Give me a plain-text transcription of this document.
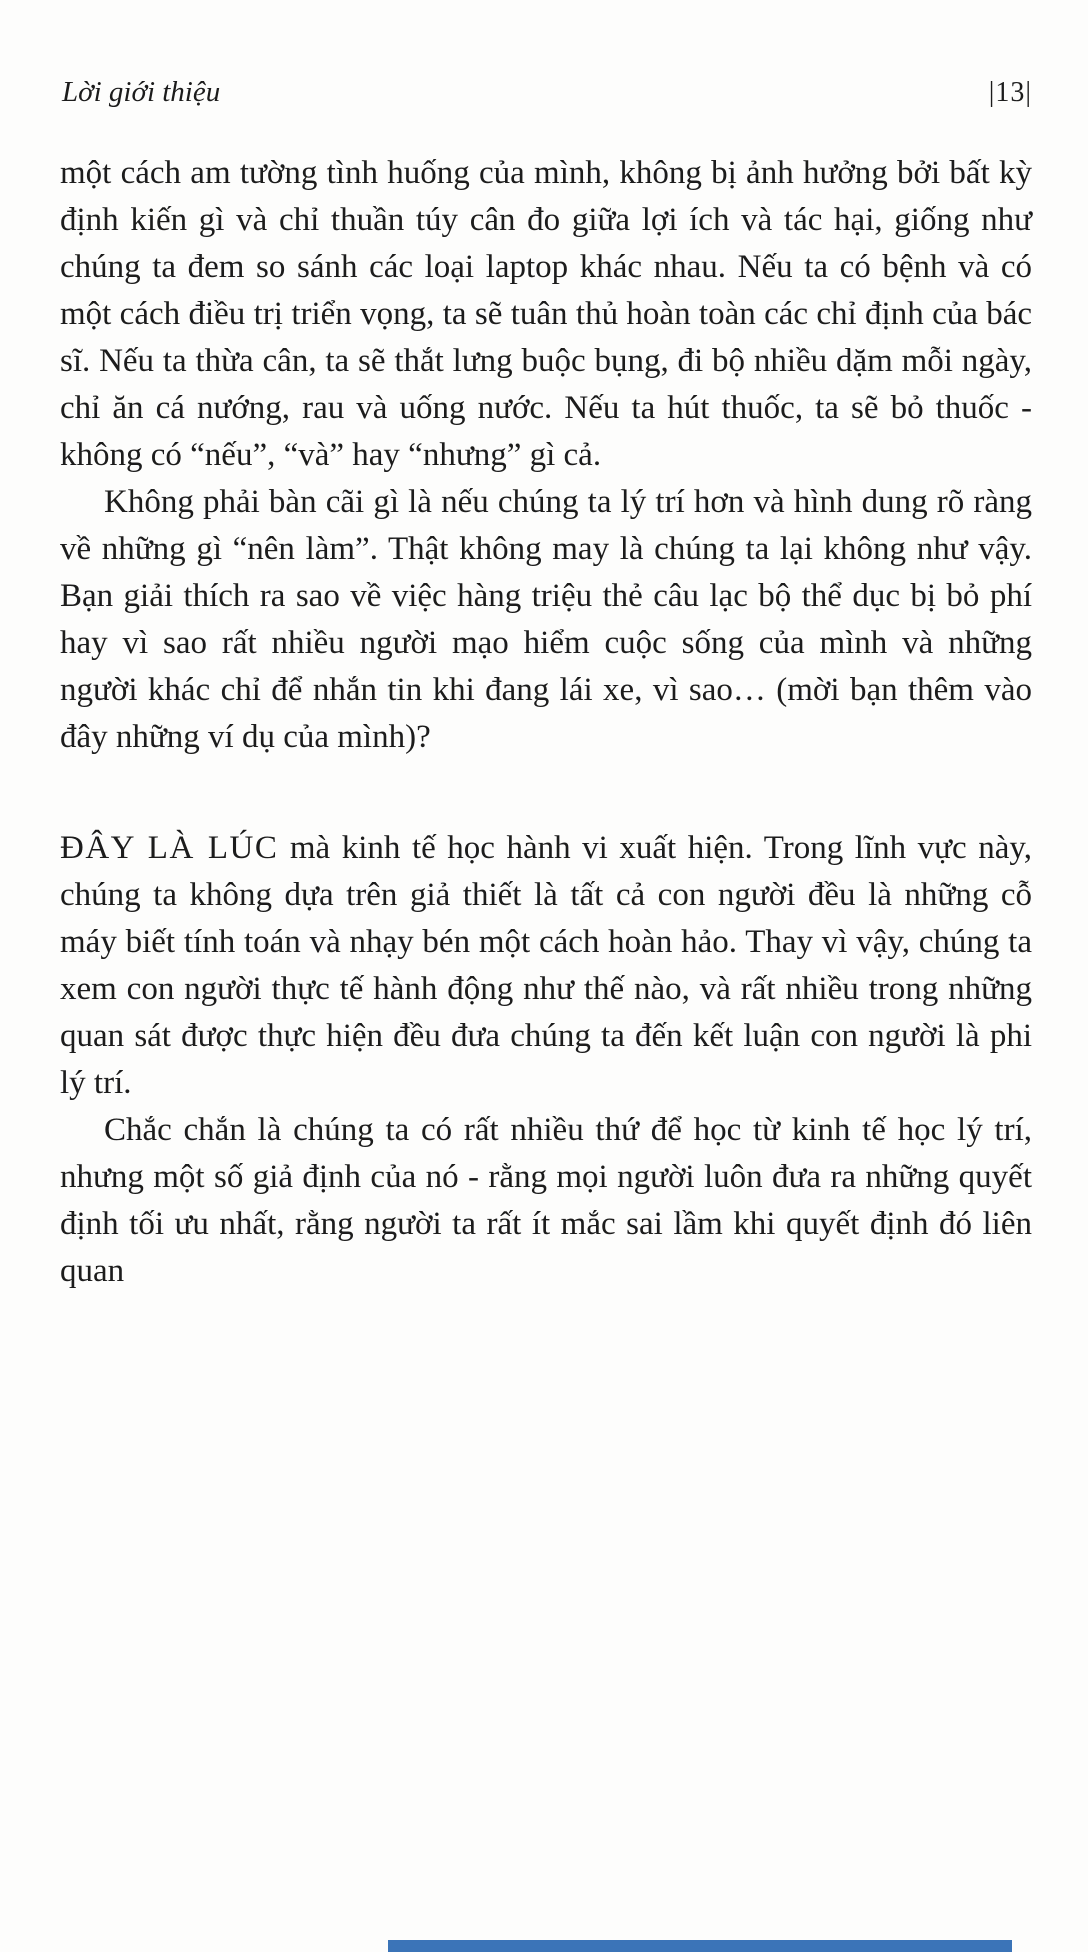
Lời giới thiệu	|13|

một cách am tường tình huống của mình, không bị ảnh hưởng bởi bất kỳ định kiến gì và chỉ thuần túy cân đo giữa lợi ích và tác hại, giống như chúng ta đem so sánh các loại laptop khác nhau. Nếu ta có bệnh và có một cách điều trị triển vọng, ta sẽ tuân thủ hoàn toàn các chỉ định của bác sĩ. Nếu ta thừa cân, ta sẽ thắt lưng buộc bụng, đi bộ nhiều dặm mỗi ngày, chỉ ăn cá nướng, rau và uống nước. Nếu ta hút thuốc, ta sẽ bỏ thuốc - không có “nếu”, “và” hay “nhưng” gì cả.

Không phải bàn cãi gì là nếu chúng ta lý trí hơn và hình dung rõ ràng về những gì “nên làm”. Thật không may là chúng ta lại không như vậy. Bạn giải thích ra sao về việc hàng triệu thẻ câu lạc bộ thể dục bị bỏ phí hay vì sao rất nhiều người mạo hiểm cuộc sống của mình và những người khác chỉ để nhắn tin khi đang lái xe, vì sao… (mời bạn thêm vào đây những ví dụ của mình)?

ĐÂY LÀ LÚC mà kinh tế học hành vi xuất hiện. Trong lĩnh vực này, chúng ta không dựa trên giả thiết là tất cả con người đều là những cỗ máy biết tính toán và nhạy bén một cách hoàn hảo. Thay vì vậy, chúng ta xem con người thực tế hành động như thế nào, và rất nhiều trong những quan sát được thực hiện đều đưa chúng ta đến kết luận con người là phi lý trí.

Chắc chắn là chúng ta có rất nhiều thứ để học từ kinh tế học lý trí, nhưng một số giả định của nó - rằng mọi người luôn đưa ra những quyết định tối ưu nhất, rằng người ta rất ít mắc sai lầm khi quyết định đó liên quan
